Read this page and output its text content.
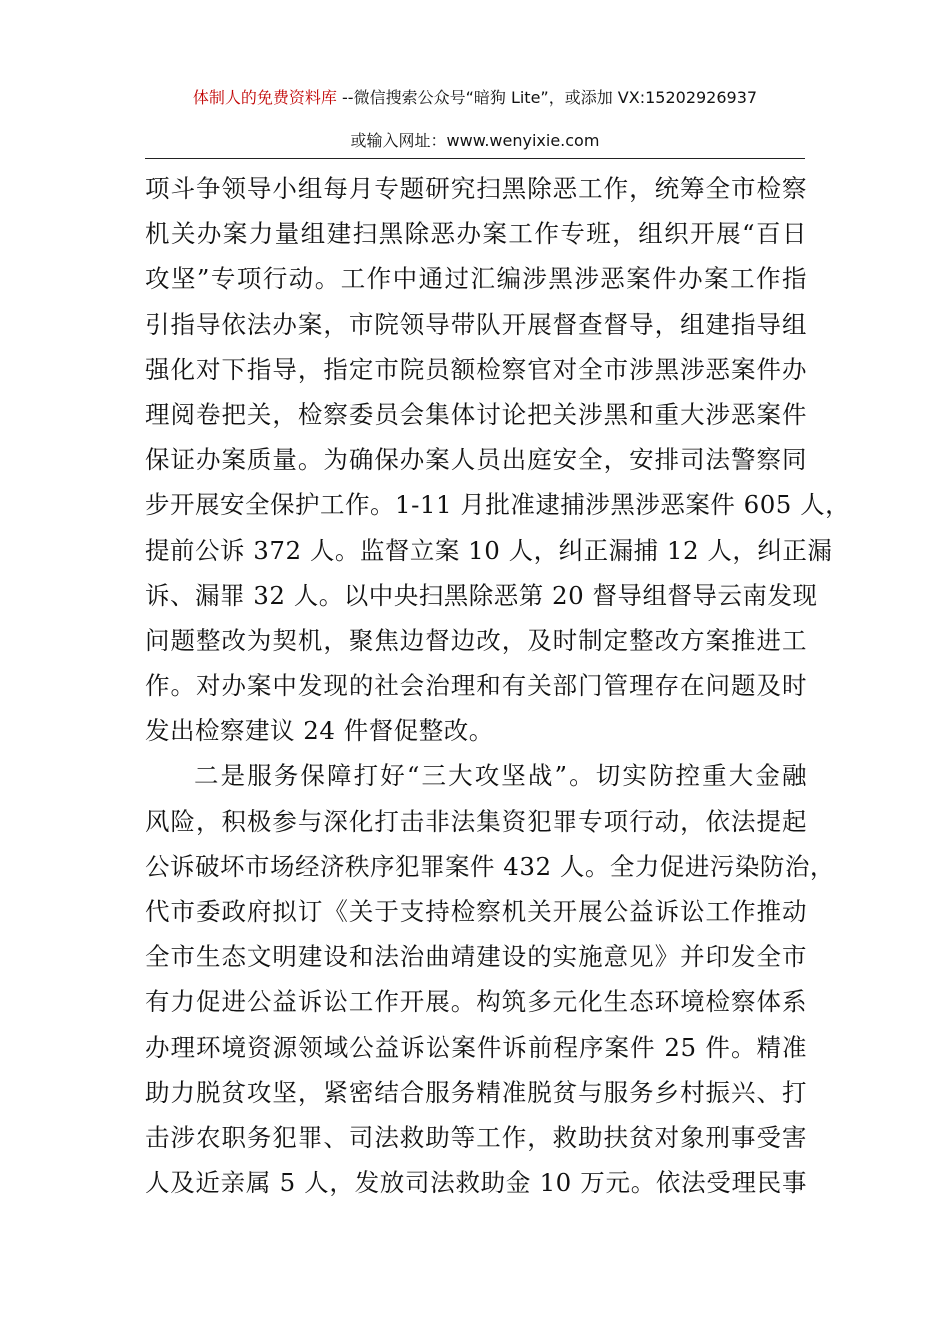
体制人的免费资料库 --微信搜索公众号“暗狗 Lite”，或添加 VX:15202926937
或输入网址：www.wenyixie.com
项斗争领导小组每月专题研究扫黑除恶工作，统筹全市检察
机关办案力量组建扫黑除恶办案工作专班，组织开展“百日
攻坚”专项行动。工作中通过汇编涉黑涉恶案件办案工作指
引指导依法办案，市院领导带队开展督查督导，组建指导组
强化对下指导，指定市院员额检察官对全市涉黑涉恶案件办
理阅卷把关，检察委员会集体讨论把关涉黑和重大涉恶案件
保证办案质量。为确保办案人员出庭安全，安排司法警察同
步开展安全保护工作。1-11 月批准逮捕涉黑涉恶案件 605 人，
提前公诉 372 人。监督立案 10 人，纠正漏捕 12 人，纠正漏
诉、漏罪 32 人。以中央扫黑除恶第 20 督导组督导云南发现
问题整改为契机，聚焦边督边改，及时制定整改方案推进工
作。对办案中发现的社会治理和有关部门管理存在问题及时
发出检察建议 24 件督促整改。
二是服务保障打好“三大攻坚战”。切实防控重大金融
风险，积极参与深化打击非法集资犯罪专项行动，依法提起
公诉破坏市场经济秩序犯罪案件 432 人。全力促进污染防治，
代市委政府拟订《关于支持检察机关开展公益诉讼工作推动
全市生态文明建设和法治曲靖建设的实施意见》并印发全市
有力促进公益诉讼工作开展。构筑多元化生态环境检察体系
办理环境资源领域公益诉讼案件诉前程序案件 25 件。精准
助力脱贫攻坚，紧密结合服务精准脱贫与服务乡村振兴、打
击涉农职务犯罪、司法救助等工作，救助扶贫对象刑事受害
人及近亲属 5 人，发放司法救助金 10 万元。依法受理民事
